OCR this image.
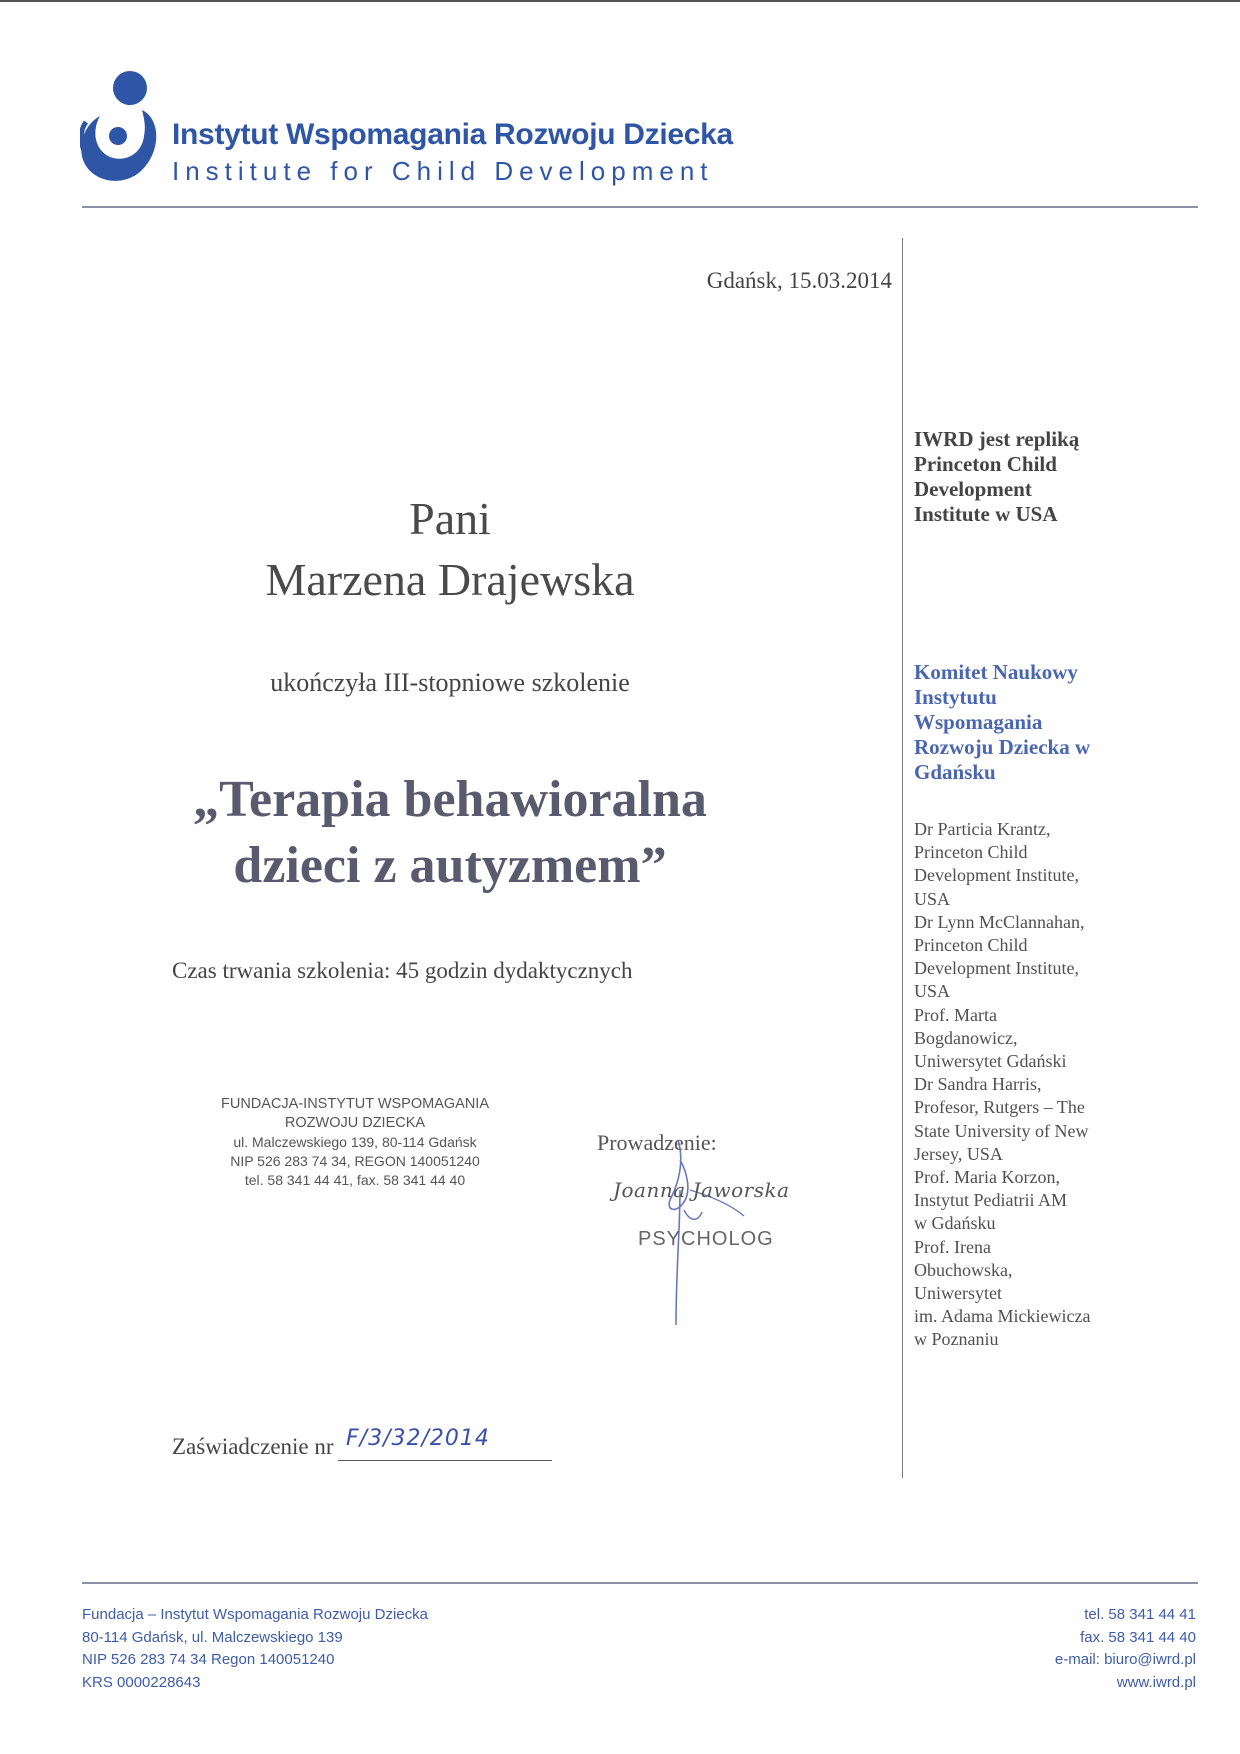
Instytut Wspomagania Rozwoju Dziecka
Institute for Child Development
Gdańsk, 15.03.2014
Pani
Marzena Drajewska
ukończyła III-stopniowe szkolenie
„Terapia behawioralna
dzieci z autyzmem”
Czas trwania szkolenia: 45 godzin dydaktycznych
FUNDACJA-INSTYTUT WSPOMAGANIA
ROZWOJU DZIECKA
ul. Malczewskiego 139, 80-114 Gdańsk
NIP 526 283 74 34, REGON 140051240
tel. 58 341 44 41, fax. 58 341 44 40
Prowadzenie:
Joanna Jaworska
PSYCHOLOG
Zaświadczenie nr F/3/32/2014
IWRD jest repliką
Princeton Child
Development
Institute w USA
Komitet Naukowy
Instytutu
Wspomagania
Rozwoju Dziecka w
Gdańsku
Dr Particia Krantz,
Princeton Child
Development Institute,
USA
Dr Lynn McClannahan,
Princeton Child
Development Institute,
USA
Prof. Marta
Bogdanowicz,
Uniwersytet Gdański
Dr Sandra Harris,
Profesor, Rutgers – The
State University of New
Jersey, USA
Prof. Maria Korzon,
Instytut Pediatrii AM
w Gdańsku
Prof. Irena
Obuchowska,
Uniwersytet
im. Adama Mickiewicza
w Poznaniu
Fundacja – Instytut Wspomagania Rozwoju Dziecka
80-114 Gdańsk, ul. Malczewskiego 139
NIP 526 283 74 34 Regon 140051240
KRS 0000228643
tel. 58 341 44 41
fax. 58 341 44 40
e-mail: biuro@iwrd.pl
www.iwrd.pl
